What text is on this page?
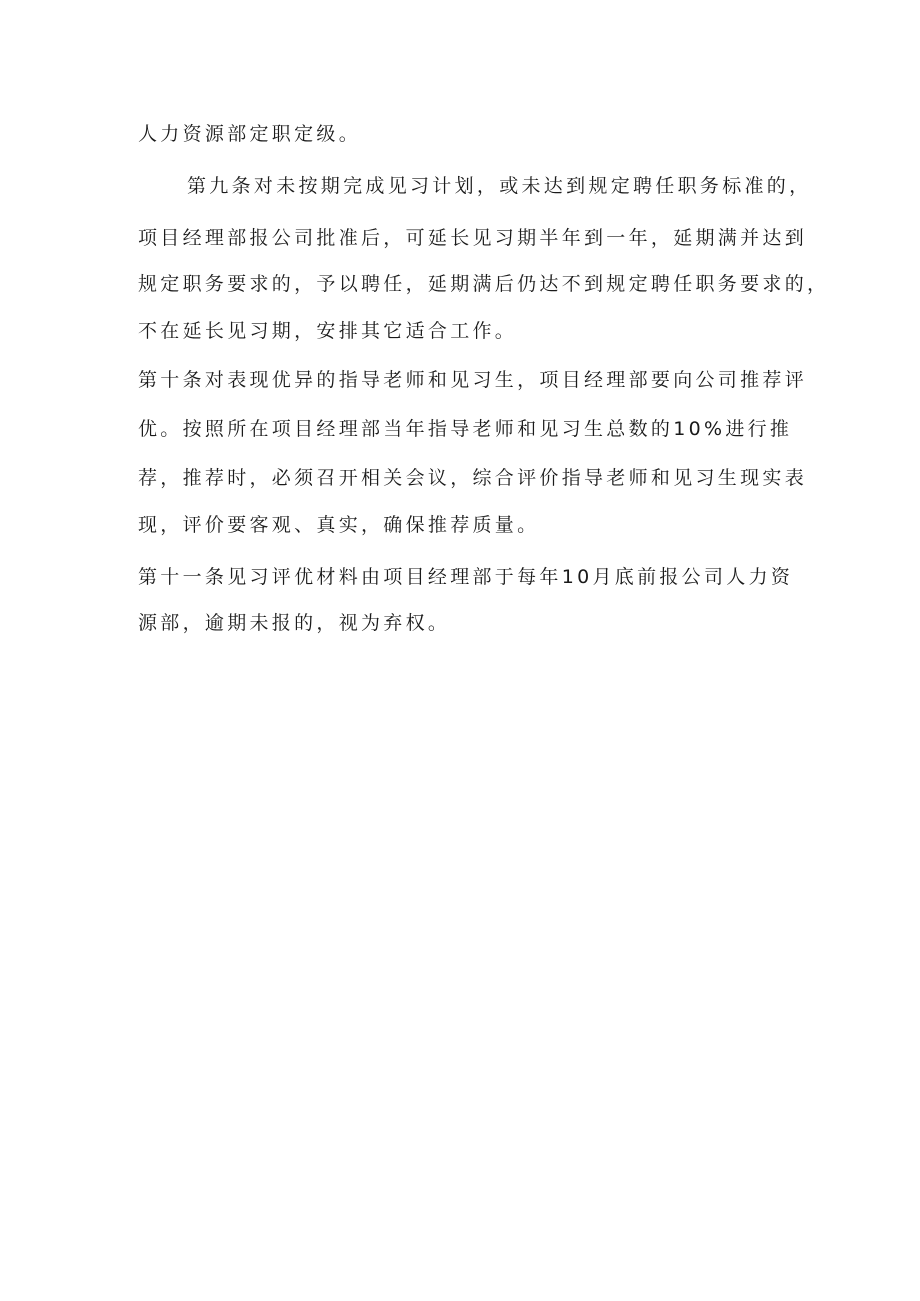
人力资源部定职定级。
第九条对未按期完成见习计划，或未达到规定聘任职务标准的，
项目经理部报公司批准后，可延长见习期半年到一年，延期满并达到
规定职务要求的，予以聘任，延期满后仍达不到规定聘任职务要求的，
不在延长见习期，安排其它适合工作。
第十条对表现优异的指导老师和见习生，项目经理部要向公司推荐评
优。按照所在项目经理部当年指导老师和见习生总数的10%进行推
荐，推荐时，必须召开相关会议，综合评价指导老师和见习生现实表
现，评价要客观、真实，确保推荐质量。
第十一条见习评优材料由项目经理部于每年10月底前报公司人力资
源部，逾期未报的，视为弃权。
